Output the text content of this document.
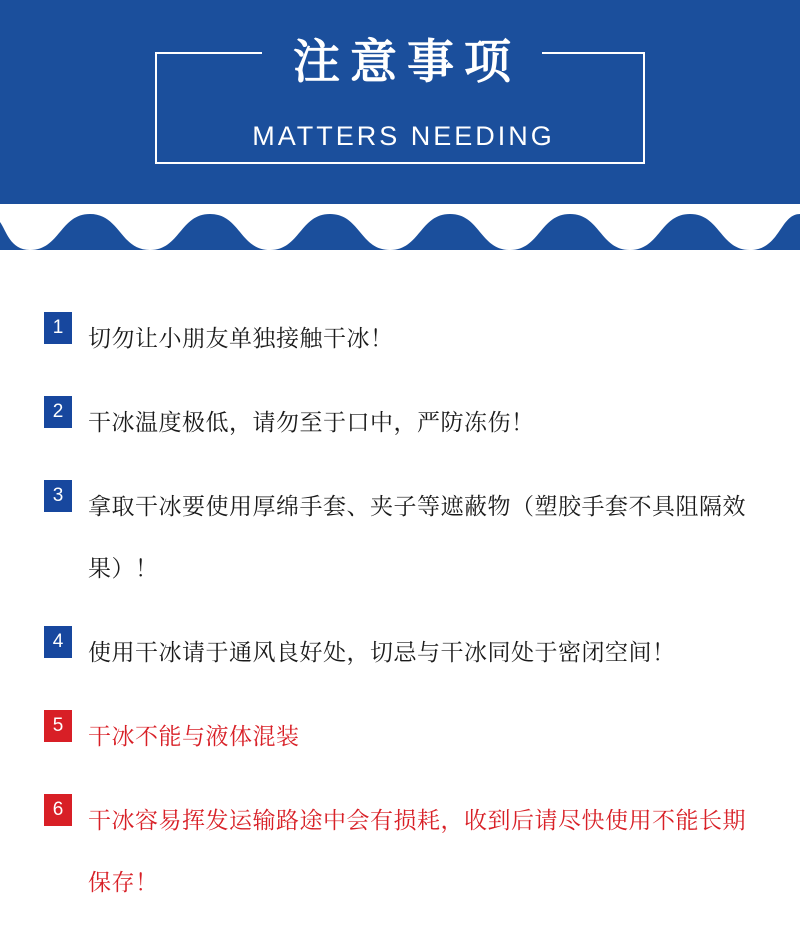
注意事项
MATTERS NEEDING
1	切勿让小朋友单独接触干冰！
2	干冰温度极低，请勿至于口中，严防冻伤！
3	拿取干冰要使用厚绵手套、夹子等遮蔽物（塑胶手套不具阻隔效果）！
4	使用干冰请于通风良好处，切忌与干冰同处于密闭空间！
5	干冰不能与液体混装
6	干冰容易挥发运输路途中会有损耗，收到后请尽快使用不能长期保存！
